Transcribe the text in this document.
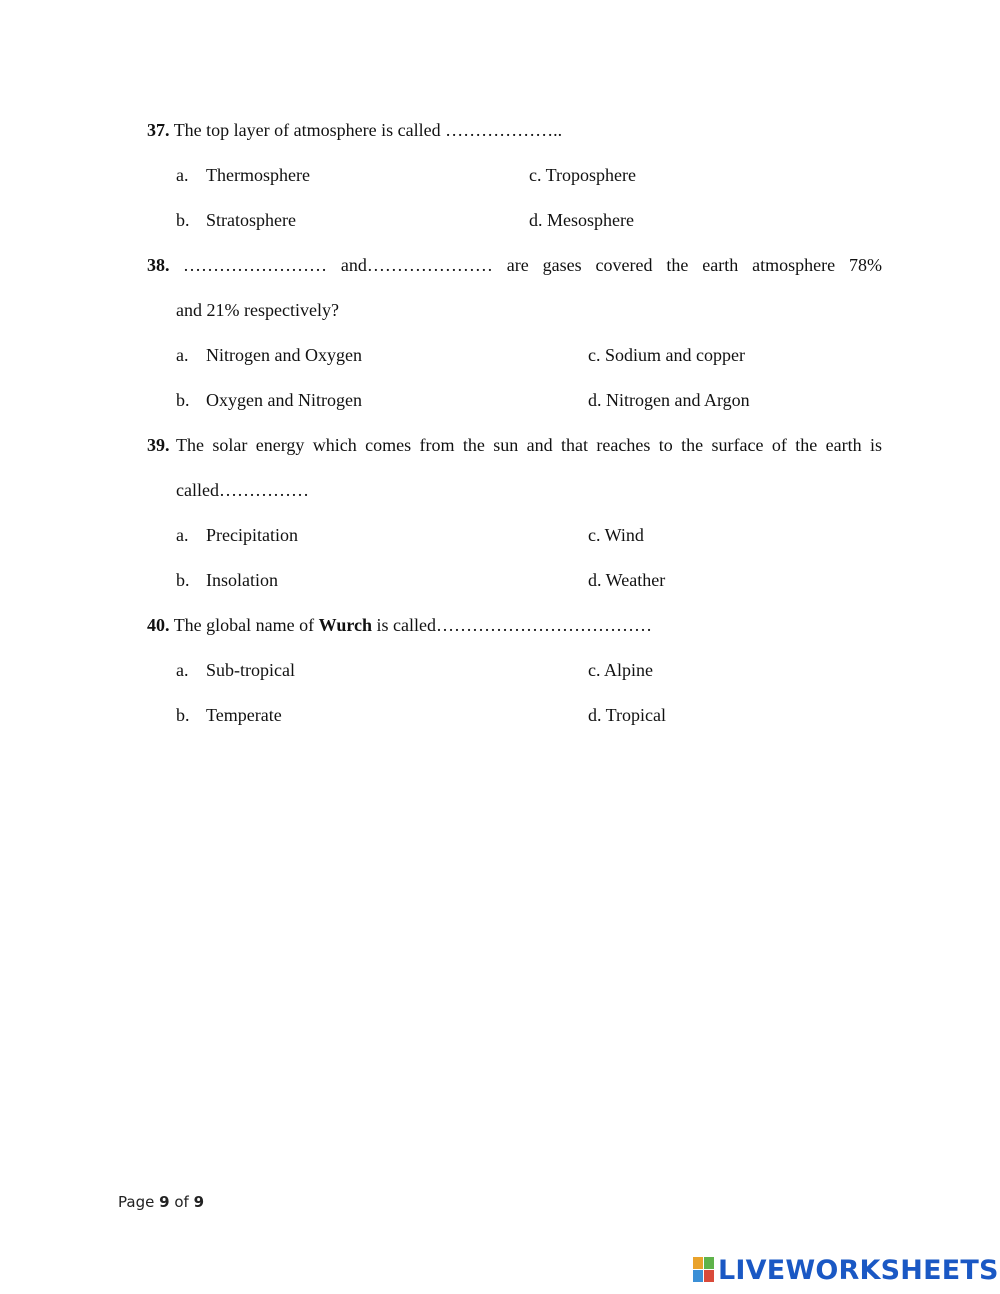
37. The top layer of atmosphere is called ………………..
a. Thermosphere	c. Troposphere
b. Stratosphere	d. Mesosphere
38. …………………… and………………… are gases covered the earth atmosphere 78%
and 21% respectively?
a. Nitrogen and Oxygen	c. Sodium and copper
b. Oxygen and Nitrogen	d. Nitrogen and Argon
39. The solar energy which comes from the sun and that reaches to the surface of the earth is
called……………
a. Precipitation	c. Wind
b. Insolation	d. Weather
40. The global name of Wurch is called………………………………
a. Sub-tropical	c. Alpine
b. Temperate	d. Tropical
Page 9 of 9
LIVEWORKSHEETS
